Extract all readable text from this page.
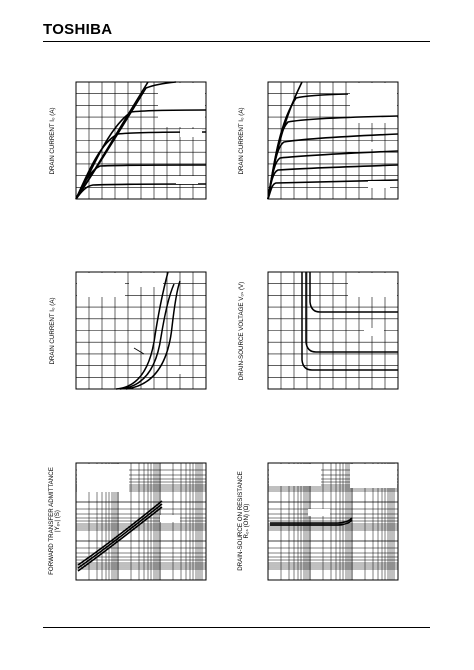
TOSHIBA
DRAIN CURRENT I₀ (A)	DRAIN CURRENT I₀ (A)
DRAIN CURRENT I₀ (A)	DRAIN-SOURCE VOLTAGE V₀ₛ (V)
FORWARD TRANSFER ADMITTANCE |Yₒₛ| (S)	DRAIN-SOURCE ON RESISTANCE R₀ₛ (ON) (Ω)
